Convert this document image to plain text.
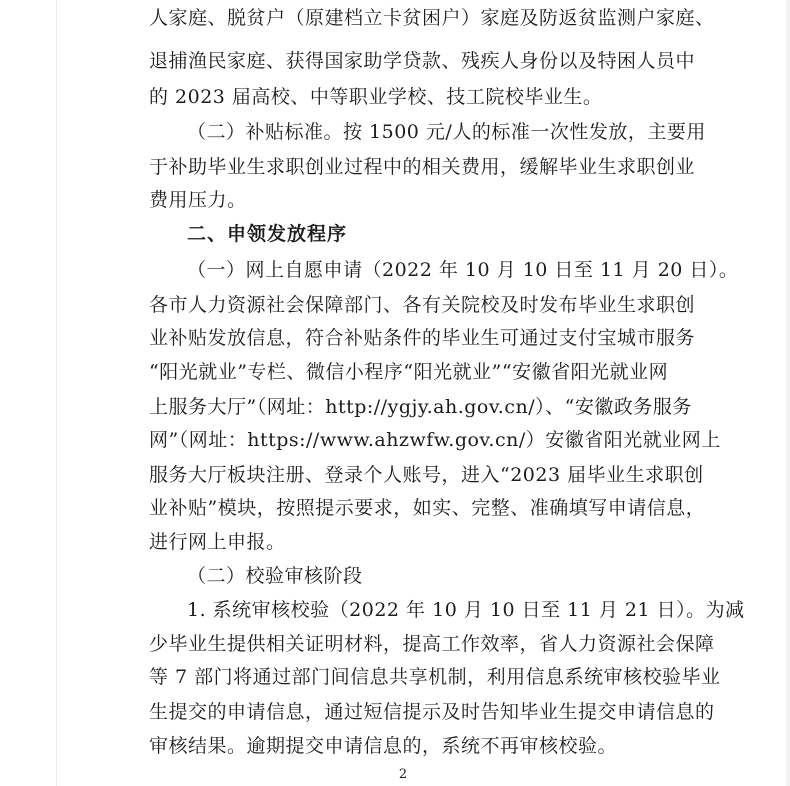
人家庭、脱贫户（原建档立卡贫困户）家庭及防返贫监测户家庭、
退捕渔民家庭、获得国家助学贷款、残疾人身份以及特困人员中
的 2023 届高校、中等职业学校、技工院校毕业生。
（二）补贴标准。按 1500 元/人的标准一次性发放，主要用
于补助毕业生求职创业过程中的相关费用，缓解毕业生求职创业
费用压力。
二、申领发放程序
（一）网上自愿申请（2022 年 10 月 10 日至 11 月 20 日）。
各市人力资源社会保障部门、各有关院校及时发布毕业生求职创
业补贴发放信息，符合补贴条件的毕业生可通过支付宝城市服务
“阳光就业”专栏、微信小程序“阳光就业”“安徽省阳光就业网
上服务大厅”（网址：http://ygjy.ah.gov.cn/）、“安徽政务服务
网”（网址：https://www.ahzwfw.gov.cn/）安徽省阳光就业网上
服务大厅板块注册、登录个人账号，进入“2023 届毕业生求职创
业补贴”模块，按照提示要求，如实、完整、准确填写申请信息，
进行网上申报。
（二）校验审核阶段
1. 系统审核校验（2022 年 10 月 10 日至 11 月 21 日）。为减
少毕业生提供相关证明材料，提高工作效率，省人力资源社会保障
等 7 部门将通过部门间信息共享机制，利用信息系统审核校验毕业
生提交的申请信息，通过短信提示及时告知毕业生提交申请信息的
审核结果。逾期提交申请信息的，系统不再审核校验。
2
